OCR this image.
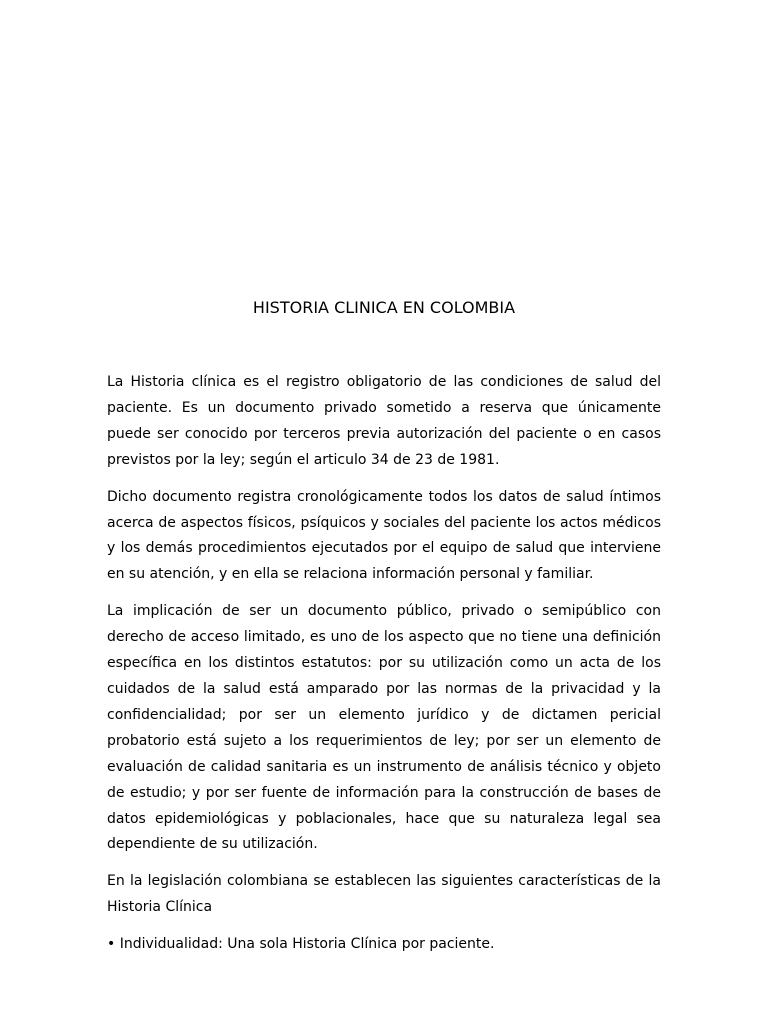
HISTORIA CLINICA EN COLOMBIA

La Historia clínica es el registro obligatorio de las condiciones de salud del paciente. Es un documento privado sometido a reserva que únicamente puede ser conocido por terceros previa autorización del paciente o en casos previstos por la ley; según el articulo 34 de 23 de 1981.

Dicho documento registra cronológicamente todos los datos de salud íntimos acerca de aspectos físicos, psíquicos y sociales del paciente los actos médicos y los demás procedimientos ejecutados por el equipo de salud que interviene en su atención, y en ella se relaciona información personal y familiar.

La implicación de ser un documento público, privado o semipúblico con derecho de acceso limitado, es uno de los aspecto que no tiene una definición específica en los distintos estatutos: por su utilización como un acta de los cuidados de la salud está amparado por las normas de la privacidad y la confidencialidad; por ser un elemento jurídico y de dictamen pericial probatorio está sujeto a los requerimientos de ley; por ser un elemento de evaluación de calidad sanitaria es un instrumento de análisis técnico y objeto de estudio; y por ser fuente de información para la construcción de bases de datos epidemiológicas y poblacionales, hace que su naturaleza legal sea dependiente de su utilización.

En la legislación colombiana se establecen las siguientes características de la Historia Clínica

• Individualidad: Una sola Historia Clínica por paciente.
